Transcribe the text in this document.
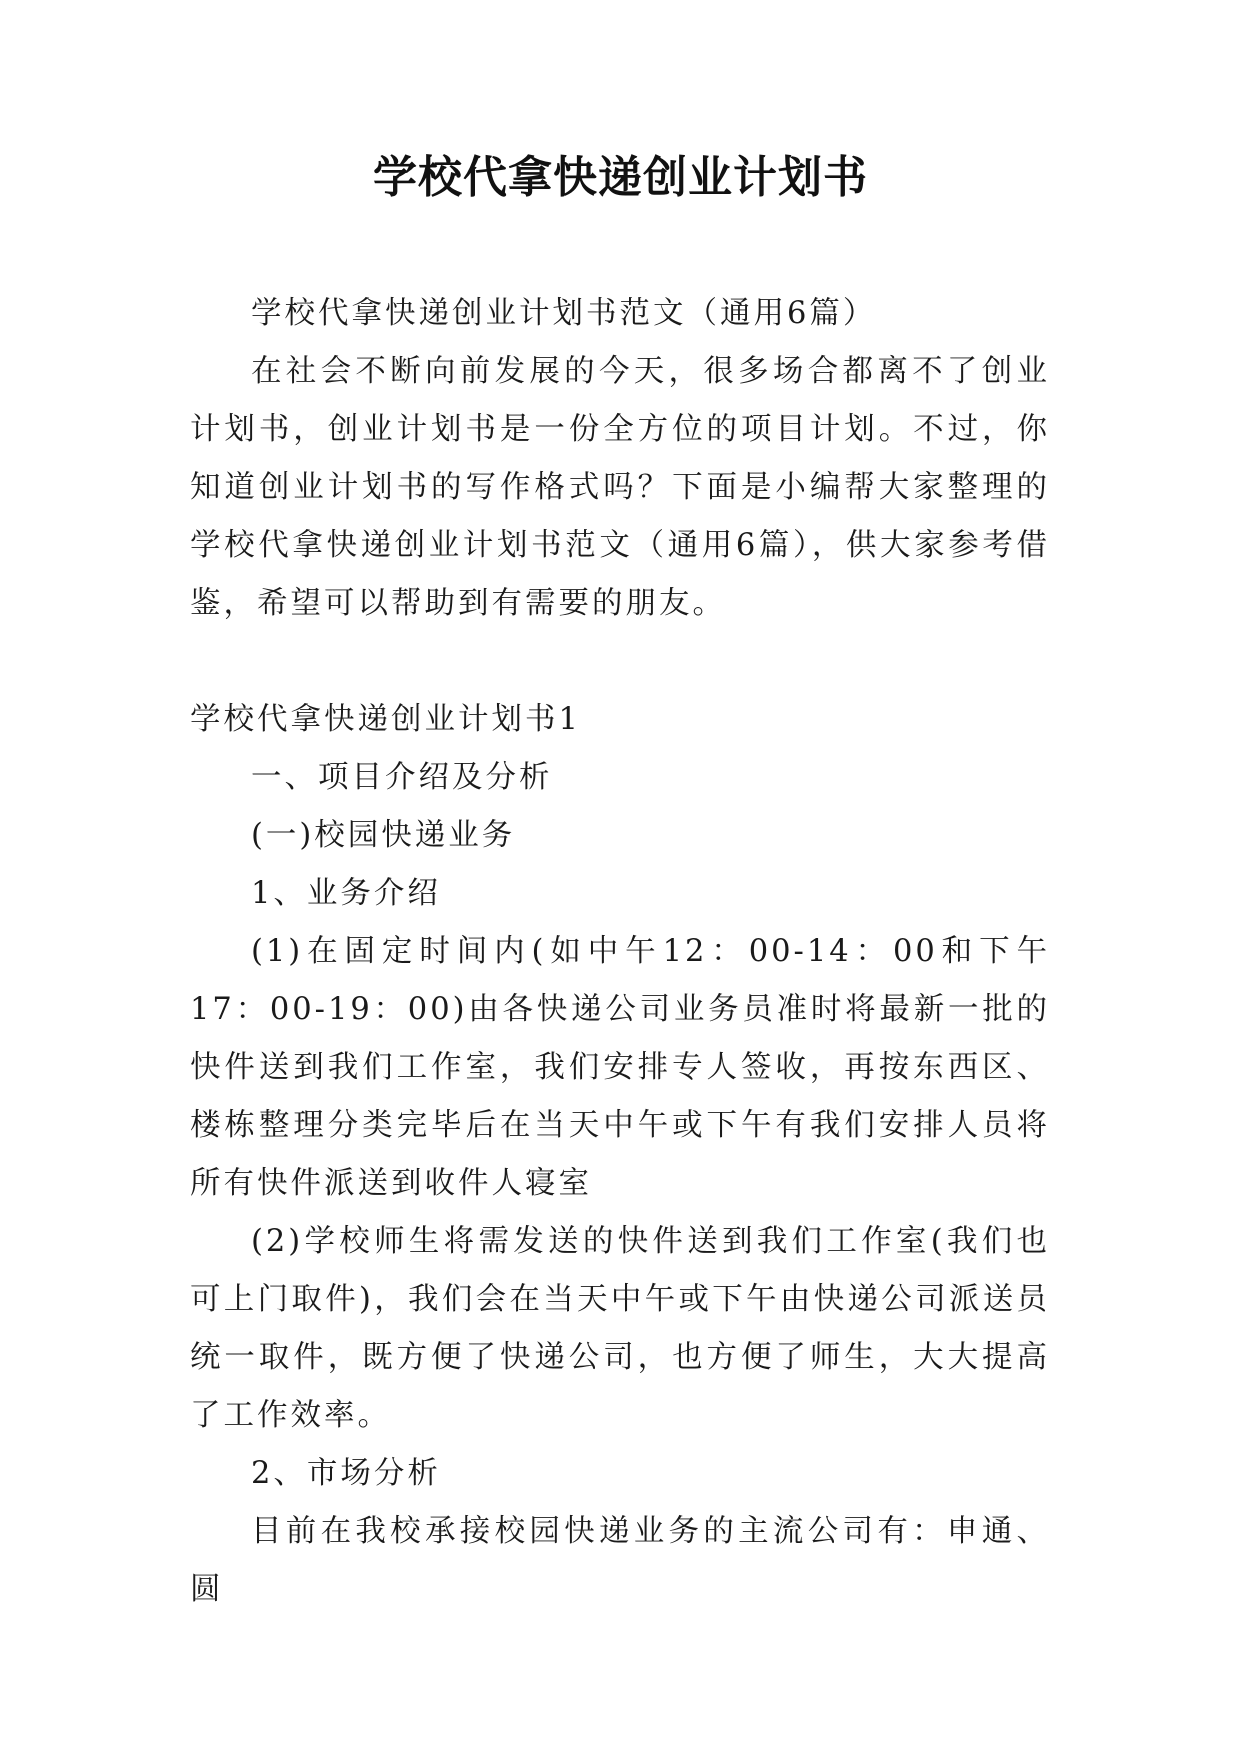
学校代拿快递创业计划书

学校代拿快递创业计划书范文（通用6篇）

在社会不断向前发展的今天，很多场合都离不了创业计划书，创业计划书是一份全方位的项目计划。不过，你知道创业计划书的写作格式吗？下面是小编帮大家整理的学校代拿快递创业计划书范文（通用6篇），供大家参考借鉴，希望可以帮助到有需要的朋友。

学校代拿快递创业计划书1

一、项目介绍及分析

(一)校园快递业务

1、业务介绍

(1)在固定时间内(如中午12：00-14：00和下午17：00-19：00)由各快递公司业务员准时将最新一批的快件送到我们工作室，我们安排专人签收，再按东西区、楼栋整理分类完毕后在当天中午或下午有我们安排人员将所有快件派送到收件人寝室

(2)学校师生将需发送的快件送到我们工作室(我们也可上门取件)，我们会在当天中午或下午由快递公司派送员统一取件，既方便了快递公司，也方便了师生，大大提高了工作效率。

2、市场分析

目前在我校承接校园快递业务的主流公司有：申通、圆
